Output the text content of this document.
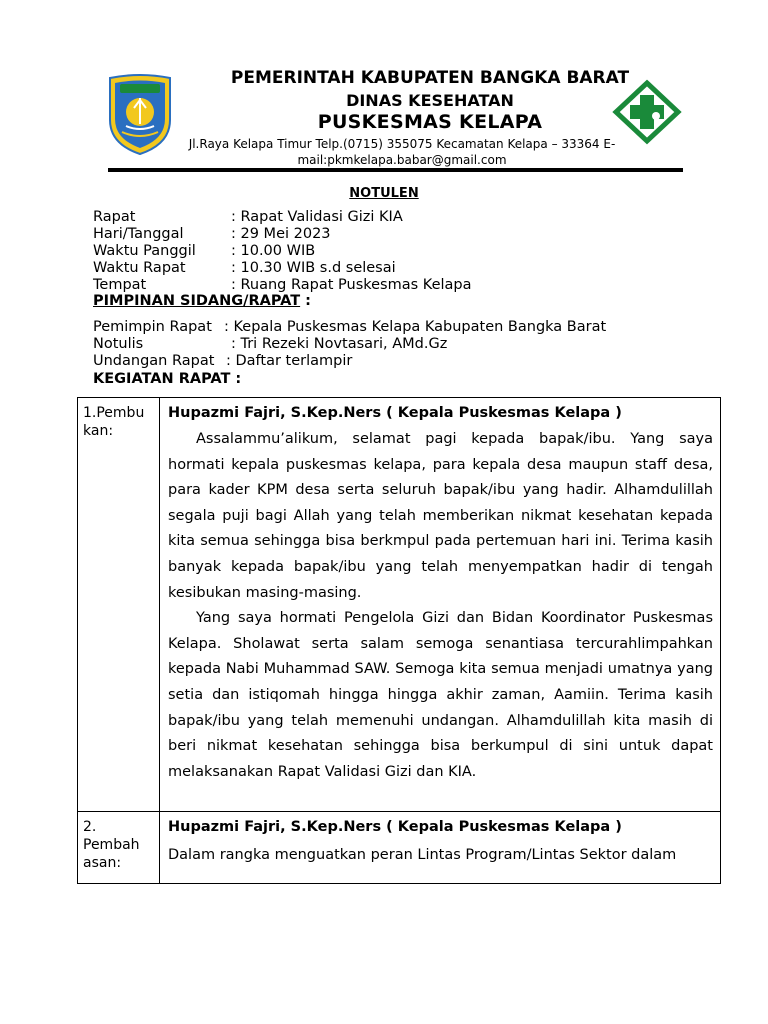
PEMERINTAH KABUPATEN BANGKA BARAT
DINAS KESEHATAN
PUSKESMAS KELAPA
Jl.Raya Kelapa Timur Telp.(0715) 355075 Kecamatan Kelapa – 33364 E-
mail:pkmkelapa.babar@gmail.com
NOTULEN
Rapat	: Rapat Validasi Gizi KIA
Hari/Tanggal	: 29 Mei 2023
Waktu Panggil : 10.00 WIB
Waktu Rapat	: 10.30 WIB s.d selesai
Tempat	: Ruang Rapat Puskesmas Kelapa
PIMPINAN SIDANG/RAPAT :
Pemimpin Rapat : Kepala Puskesmas Kelapa Kabupaten Bangka Barat
Notulis	: Tri Rezeki Novtasari, AMd.Gz
Undangan Rapat : Daftar terlampir
KEGIATAN RAPAT :
1.Pembu kan:	Hupazmi Fajri, S.Kep.Ners ( Kepala Puskesmas Kelapa )

Assalammu’alikum, selamat pagi kepada bapak/ibu. Yang saya hormati kepala puskesmas kelapa, para kepala desa maupun staff desa, para kader KPM desa serta seluruh bapak/ibu yang hadir. Alhamdulillah segala puji bagi Allah yang telah memberikan nikmat kesehatan kepada kita semua sehingga bisa berkmpul pada pertemuan hari ini. Terima kasih banyak kepada bapak/ibu yang telah menyempatkan hadir di tengah kesibukan masing-masing.

Yang saya hormati Pengelola Gizi dan Bidan Koordinator Puskesmas Kelapa. Sholawat serta salam semoga senantiasa tercurahlimpahkan kepada Nabi Muhammad SAW. Semoga kita semua menjadi umatnya yang setia dan istiqomah hingga hingga akhir zaman, Aamiin. Terima kasih bapak/ibu yang telah memenuhi undangan. Alhamdulillah kita masih di beri nikmat kesehatan sehingga bisa berkumpul di sini untuk dapat melaksanakan Rapat Validasi Gizi dan KIA.

2. Pembah asan:	Hupazmi Fajri, S.Kep.Ners ( Kepala Puskesmas Kelapa )

Dalam rangka menguatkan peran Lintas Program/Lintas Sektor dalam
